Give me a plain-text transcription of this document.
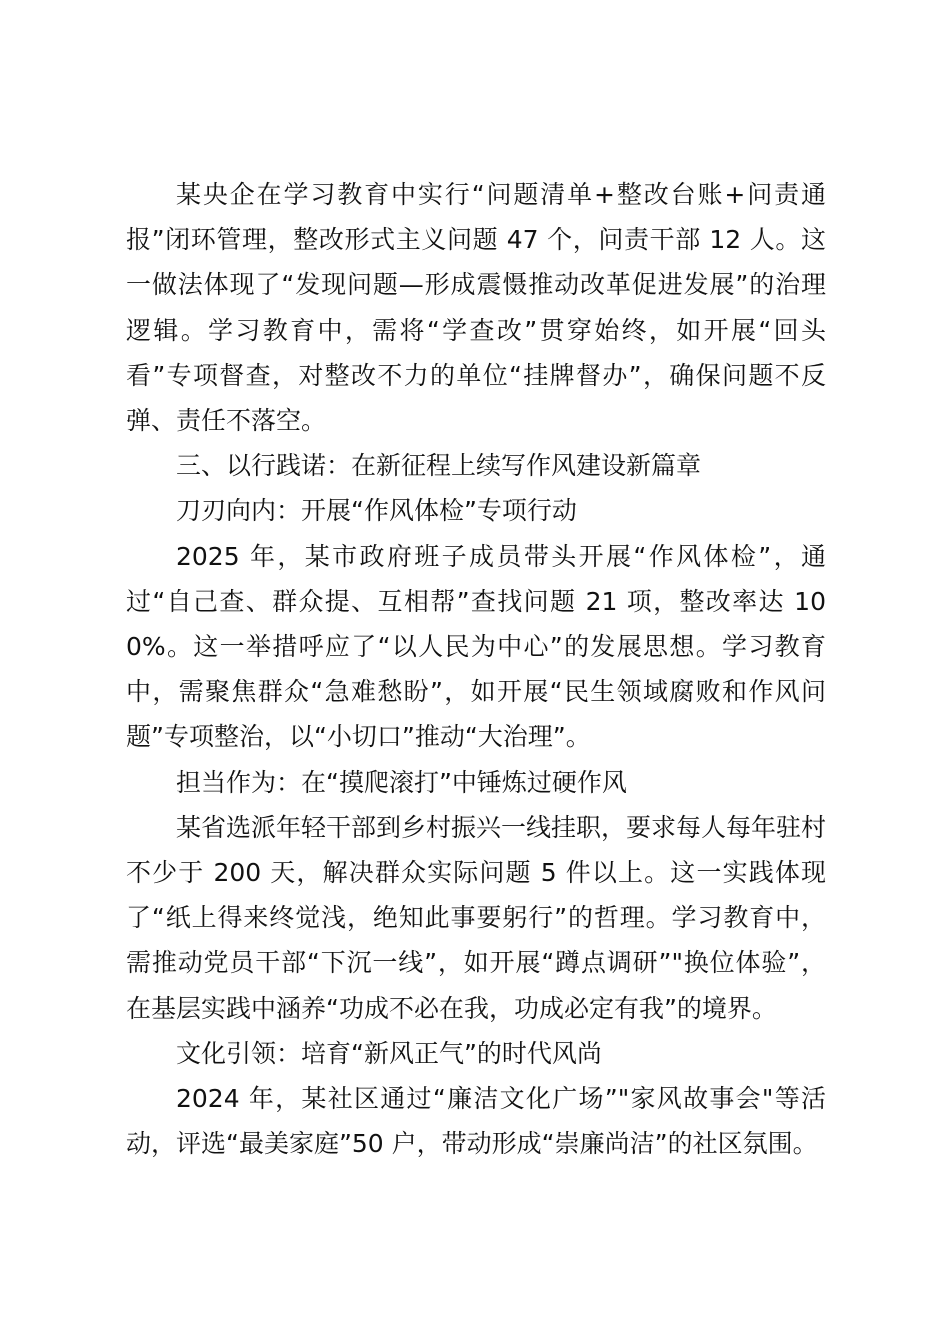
某央企在学习教育中实行“问题清单+整改台账+问责通报”闭环管理，整改形式主义问题 47 个，问责干部 12 人。这一做法体现了“发现问题—形成震慑推动改革促进发展”的治理逻辑。学习教育中，需将“学查改”贯穿始终，如开展“回头看”专项督查，对整改不力的单位“挂牌督办”，确保问题不反弹、责任不落空。

三、以行践诺：在新征程上续写作风建设新篇章

刀刃向内：开展“作风体检”专项行动

2025 年，某市政府班子成员带头开展“作风体检”，通过“自己查、群众提、互相帮”查找问题 21 项，整改率达 100%。这一举措呼应了“以人民为中心”的发展思想。学习教育中，需聚焦群众“急难愁盼”，如开展“民生领域腐败和作风问题”专项整治，以“小切口”推动“大治理”。

担当作为：在“摸爬滚打”中锤炼过硬作风

某省选派年轻干部到乡村振兴一线挂职，要求每人每年驻村不少于 200 天，解决群众实际问题 5 件以上。这一实践体现了“纸上得来终觉浅，绝知此事要躬行”的哲理。学习教育中，需推动党员干部“下沉一线”，如开展“蹲点调研”"换位体验”，在基层实践中涵养“功成不必在我，功成必定有我”的境界。

文化引领：培育“新风正气”的时代风尚

2024 年，某社区通过“廉洁文化广场”"家风故事会"等活动，评选“最美家庭”50 户，带动形成“崇廉尚洁”的社区氛围。
